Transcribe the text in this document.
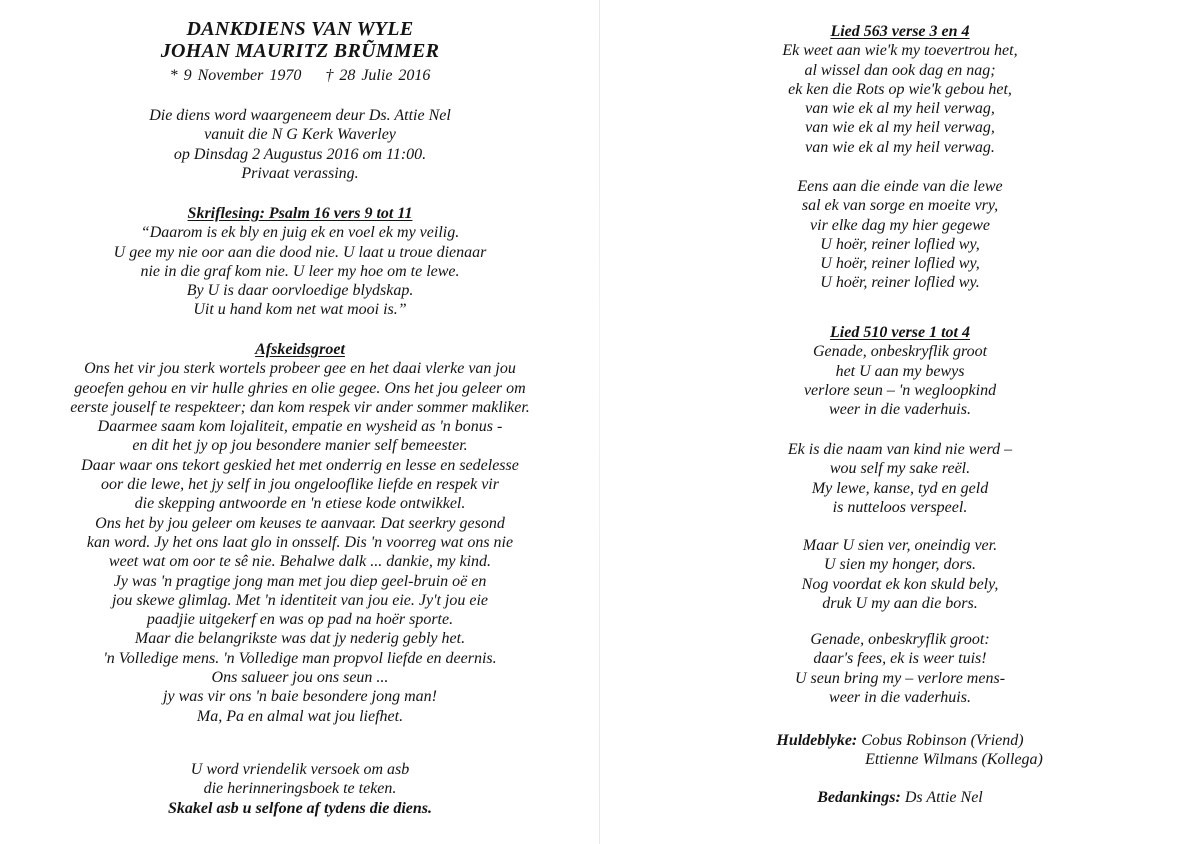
DANKDIENS VAN WYLE
JOHAN MAURITZ BRŨMMER
* 9 November 1970 † 28 Julie 2016
Die diens word waargeneem deur Ds. Attie Nel
vanuit die N G Kerk Waverley
op Dinsdag 2 Augustus 2016 om 11:00.
Privaat verassing.
Skriflesing: Psalm 16 vers 9 tot 11
“Daarom is ek bly en juig ek en voel ek my veilig.
U gee my nie oor aan die dood nie. U laat u troue dienaar
nie in die graf kom nie. U leer my hoe om te lewe.
By U is daar oorvloedige blydskap.
Uit u hand kom net wat mooi is.”
Afskeidsgroet
Ons het vir jou sterk wortels probeer gee en het daai vlerke van jou
geoefen gehou en vir hulle ghries en olie gegee. Ons het jou geleer om
eerste jouself te respekteer; dan kom respek vir ander sommer makliker.
Daarmee saam kom lojaliteit, empatie en wysheid as 'n bonus -
en dit het jy op jou besondere manier self bemeester.
Daar waar ons tekort geskied het met onderrig en lesse en sedelesse
oor die lewe, het jy self in jou ongelooflike liefde en respek vir
die skepping antwoorde en 'n etiese kode ontwikkel.
Ons het by jou geleer om keuses te aanvaar. Dat seerkry gesond
kan word. Jy het ons laat glo in onsself. Dis 'n voorreg wat ons nie
weet wat om oor te sê nie. Behalwe dalk ... dankie, my kind.
Jy was 'n pragtige jong man met jou diep geel-bruin oë en
jou skewe glimlag. Met 'n identiteit van jou eie. Jy't jou eie
paadjie uitgekerf en was op pad na hoër sporte.
Maar die belangrikste was dat jy nederig gebly het.
'n Volledige mens. 'n Volledige man propvol liefde en deernis.
Ons salueer jou ons seun ...
jy was vir ons 'n baie besondere jong man!
Ma, Pa en almal wat jou liefhet.
U word vriendelik versoek om asb
die herinneringsboek te teken.
Skakel asb u selfone af tydens die diens.
Lied 563 verse 3 en 4
Ek weet aan wie'k my toevertrou het,
al wissel dan ook dag en nag;
ek ken die Rots op wie'k gebou het,
van wie ek al my heil verwag,
van wie ek al my heil verwag,
van wie ek al my heil verwag.
Eens aan die einde van die lewe
sal ek van sorge en moeite vry,
vir elke dag my hier gegewe
U hoër, reiner loflied wy,
U hoër, reiner loflied wy,
U hoër, reiner loflied wy.
Lied 510 verse 1 tot 4
Genade, onbeskryflik groot
het U aan my bewys
verlore seun – 'n wegloopkind
weer in die vaderhuis.
Ek is die naam van kind nie werd –
wou self my sake reël.
My lewe, kanse, tyd en geld
is nutteloos verspeel.
Maar U sien ver, oneindig ver.
U sien my honger, dors.
Nog voordat ek kon skuld bely,
druk U my aan die bors.
Genade, onbeskryflik groot:
daar's fees, ek is weer tuis!
U seun bring my – verlore mens-
weer in die vaderhuis.
Huldeblyke: Cobus Robinson (Vriend)
Ettienne Wilmans (Kollega)
Bedankings: Ds Attie Nel
